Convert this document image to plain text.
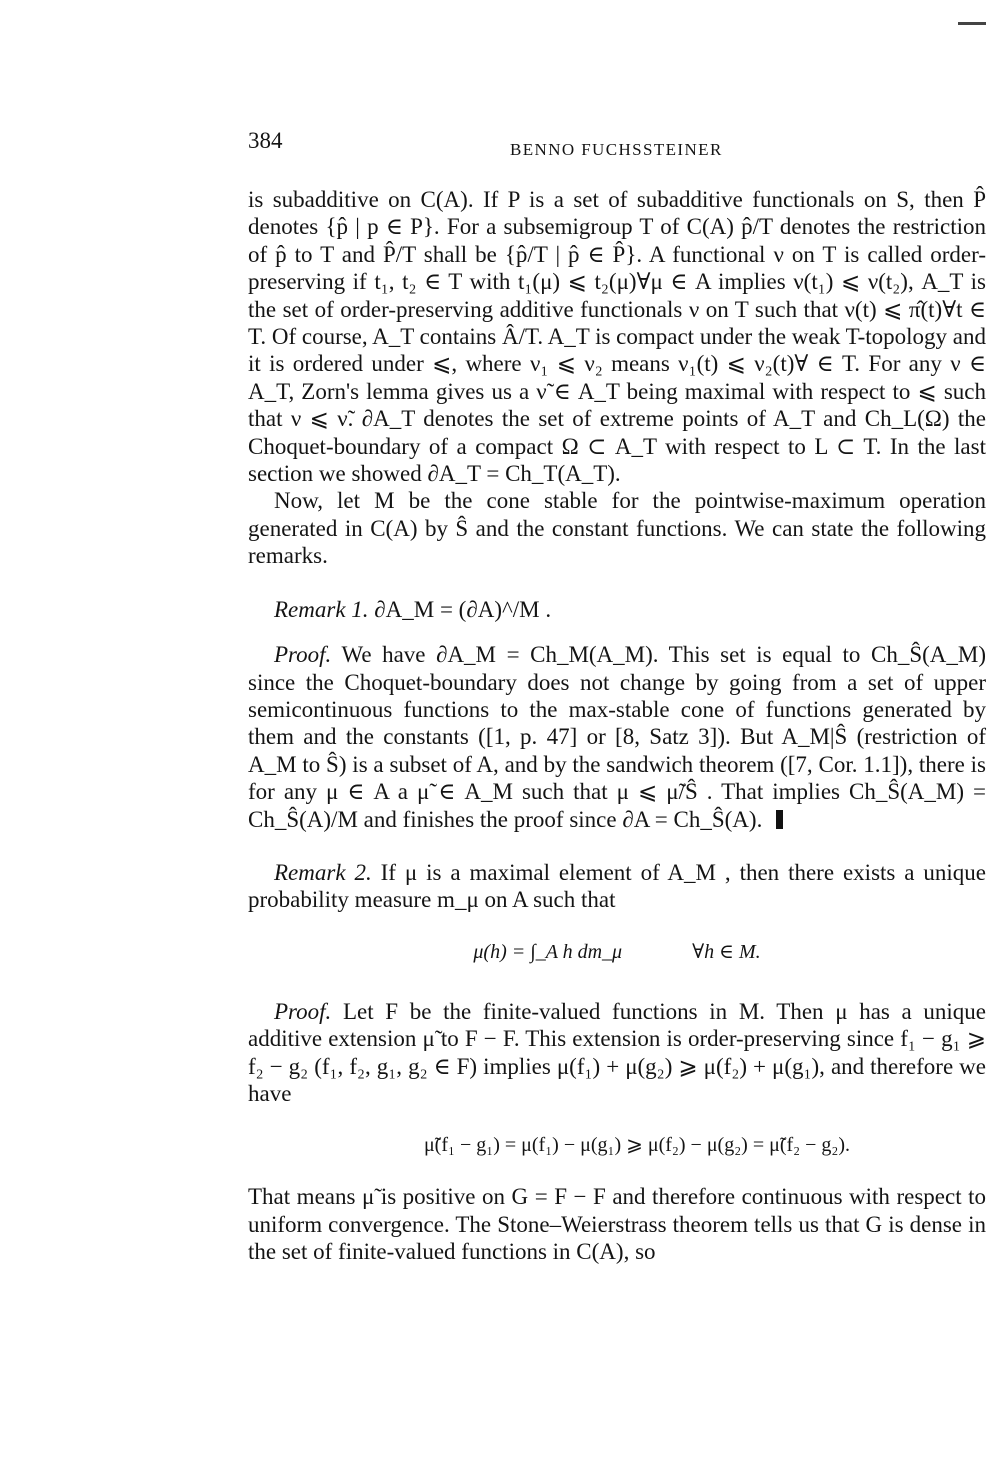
384	BENNO FUCHSSTEINER

is subadditive on C(A). If P is a set of subadditive functionals on S, then P̂ denotes {p̂ | p ∈ P}. For a subsemigroup T of C(A) p̂/T denotes the restriction of p̂ to T and P̂/T shall be {p̂/T | p̂ ∈ P̂}. A functional ν on T is called order-preserving if t₁, t₂ ∈ T with t₁(μ) ⩽ t₂(μ)∀μ ∈ A implies ν(t₁) ⩽ ν(t₂), A_T is the set of order-preserving additive functionals ν on T such that ν(t) ⩽ π̂(t)∀t ∈ T. Of course, A_T contains Â/T. A_T is compact under the weak T-topology and it is ordered under ⩽, where ν₁ ⩽ ν₂ means ν₁(t) ⩽ ν₂(t)∀ ∈ T. For any ν ∈ A_T, Zorn's lemma gives us a ν̃ ∈ A_T being maximal with respect to ⩽ such that ν ⩽ ν̃. ∂A_T denotes the set of extreme points of A_T and Ch_L(Ω) the Choquet-boundary of a compact Ω ⊂ A_T with respect to L ⊂ T. In the last section we showed ∂A_T = Ch_T(A_T).

Now, let M be the cone stable for the pointwise-maximum operation generated in C(A) by Ŝ and the constant functions. We can state the following remarks.

Remark 1. ∂A_M = (∂A)^/M .

Proof. We have ∂A_M = Ch_M(A_M). This set is equal to Ch_Ŝ(A_M) since the Choquet-boundary does not change by going from a set of upper semicontinuous functions to the max-stable cone of functions generated by them and the constants ([1, p. 47] or [8, Satz 3]). But A_M|Ŝ (restriction of A_M to Ŝ) is a subset of A, and by the sandwich theorem ([7, Cor. 1.1]), there is for any μ ∈ A a μ̃ ∈ A_M such that μ ⩽ μ̃/Ŝ . That implies Ch_Ŝ(A_M) = Ch_Ŝ(A)/M and finishes the proof since ∂A = Ch_Ŝ(A).

Remark 2. If μ is a maximal element of A_M , then there exists a unique probability measure m_μ on A such that

μ(h) = ∫_A h dm_μ	∀h ∈ M.

Proof. Let F be the finite-valued functions in M. Then μ has a unique additive extension μ̃ to F − F. This extension is order-preserving since f₁ − g₁ ⩾ f₂ − g₂ (f₁, f₂, g₁, g₂ ∈ F) implies μ(f₁) + μ(g₂) ⩾ μ(f₂) + μ(g₁), and therefore we have

μ̃(f₁ − g₁) = μ(f₁) − μ(g₁) ⩾ μ(f₂) − μ(g₂) = μ̃(f₂ − g₂).

That means μ̃ is positive on G = F − F and therefore continuous with respect to uniform convergence. The Stone–Weierstrass theorem tells us that G is dense in the set of finite-valued functions in C(A), so
